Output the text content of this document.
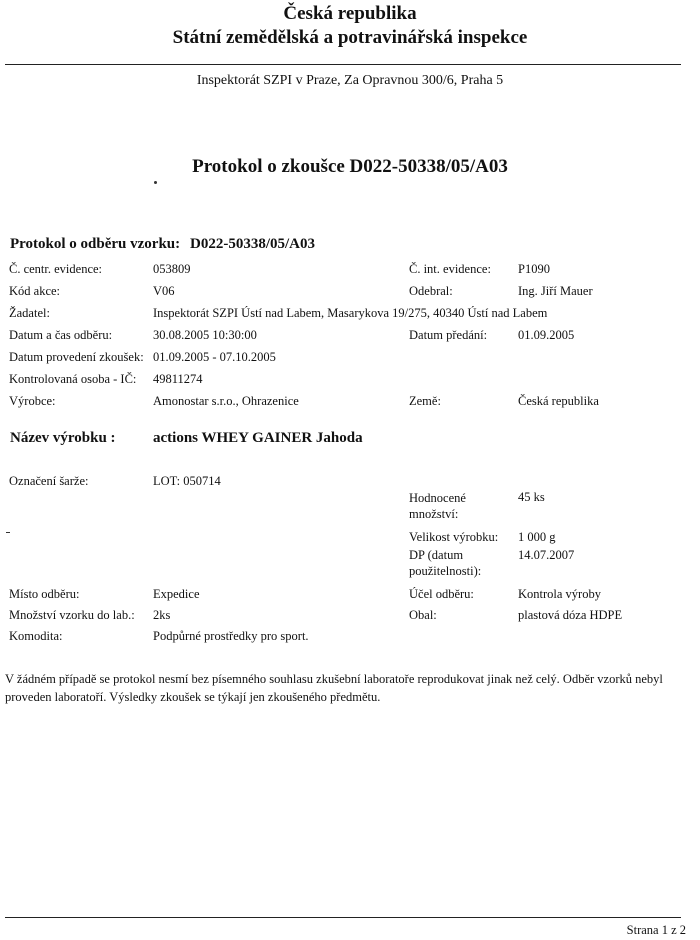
Česká republika
Státní zemědělská a potravinářská inspekce
Inspektorát SZPI v Praze, Za Opravnou 300/6, Praha 5
Protokol o zkoušce D022-50338/05/A03
Protokol o odběru vzorku: D022-50338/05/A03
Č. centr. evidence:	053809	Č. int. evidence: P1090
Kód akce:	V06	Odebral:	Ing. Jiří Mauer
Žadatel:	Inspektorát SZPI Ústí nad Labem, Masarykova 19/275, 40340 Ústí nad Labem
Datum a čas odběru:	30.08.2005 10:30:00	Datum předání: 01.09.2005
Datum provedení zkoušek: 01.09.2005 - 07.10.2005
Kontrolovaná osoba - IČ: 49811274
Výrobce:	Amonostar s.r.o., Ohrazenice	Země:	Česká republika
Název výrobku : actions WHEY GAINER Jahoda
Označení šarže:	LOT: 050714
Hodnocené množství:
45 ks
Velikost výrobku: 1 000 g
DP (datum použitelnosti):
14.07.2007
Místo odběru:	Expedice	Účel odběru:	Kontrola výroby
Množství vzorku do lab.: 2ks	Obal:	plastová dóza HDPE
Komodita:	Podpůrné prostředky pro sport.
V žádném případě se protokol nesmí bez písemného souhlasu zkušební laboratoře reprodukovat jinak než celý. Odběr vzorků nebyl proveden laboratoří. Výsledky zkoušek se týkají jen zkoušeného předmětu.
Strana 1 z 2
